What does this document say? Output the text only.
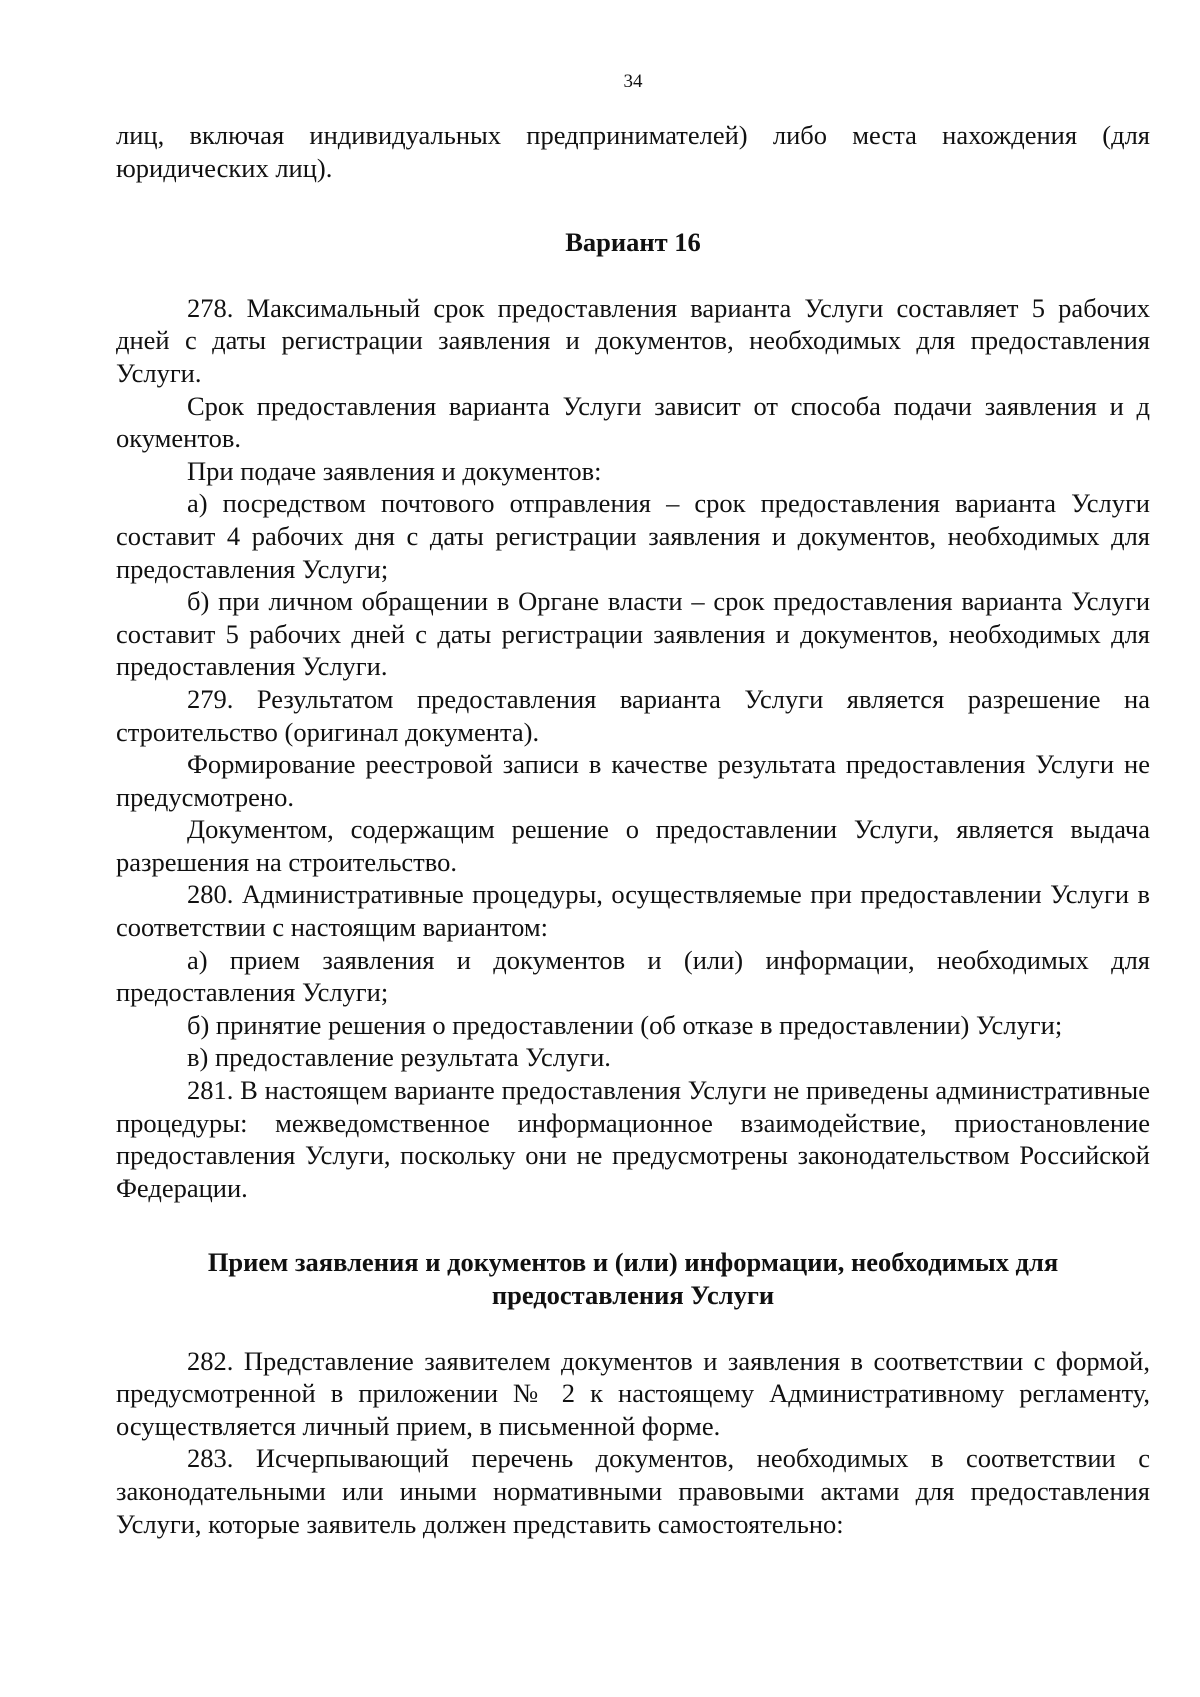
34

лиц, включая индивидуальных предпринимателей) либо места нахождения (для юридических лиц).

Вариант 16

278. Максимальный срок предоставления варианта Услуги составляет 5 рабочих дней с даты регистрации заявления и документов, необходимых для предоставления Услуги.

Срок предоставления варианта Услуги зависит от способа подачи заявления и д окументов.

При подаче заявления и документов:

а) посредством почтового отправления – срок предоставления варианта Услуги составит 4 рабочих дня с даты регистрации заявления и документов, необходимых для предоставления Услуги;

б) при личном обращении в Органе власти – срок предоставления варианта Услуги составит 5 рабочих дней с даты регистрации заявления и документов, необходимых для предоставления Услуги.

279. Результатом предоставления варианта Услуги является разрешение на строительство (оригинал документа).

Формирование реестровой записи в качестве результата предоставления Услуги не предусмотрено.

Документом, содержащим решение о предоставлении Услуги, является выдача разрешения на строительство.

280. Административные процедуры, осуществляемые при предоставлении Услуги в соответствии с настоящим вариантом:

а) прием заявления и документов и (или) информации, необходимых для предоставления Услуги;

б) принятие решения о предоставлении (об отказе в предоставлении) Услуги;

в) предоставление результата Услуги.

281. В настоящем варианте предоставления Услуги не приведены административные процедуры: межведомственное информационное взаимодействие, приостановление предоставления Услуги, поскольку они не предусмотрены законодательством Российской Федерации.

Прием заявления и документов и (или) информации, необходимых для
предоставления Услуги

282. Представление заявителем документов и заявления в соответствии с формой, предусмотренной в приложении № 2 к настоящему Административному регламенту, осуществляется личный прием, в письменной форме.

283. Исчерпывающий перечень документов, необходимых в соответствии с законодательными или иными нормативными правовыми актами для предоставления Услуги, которые заявитель должен представить самостоятельно:
